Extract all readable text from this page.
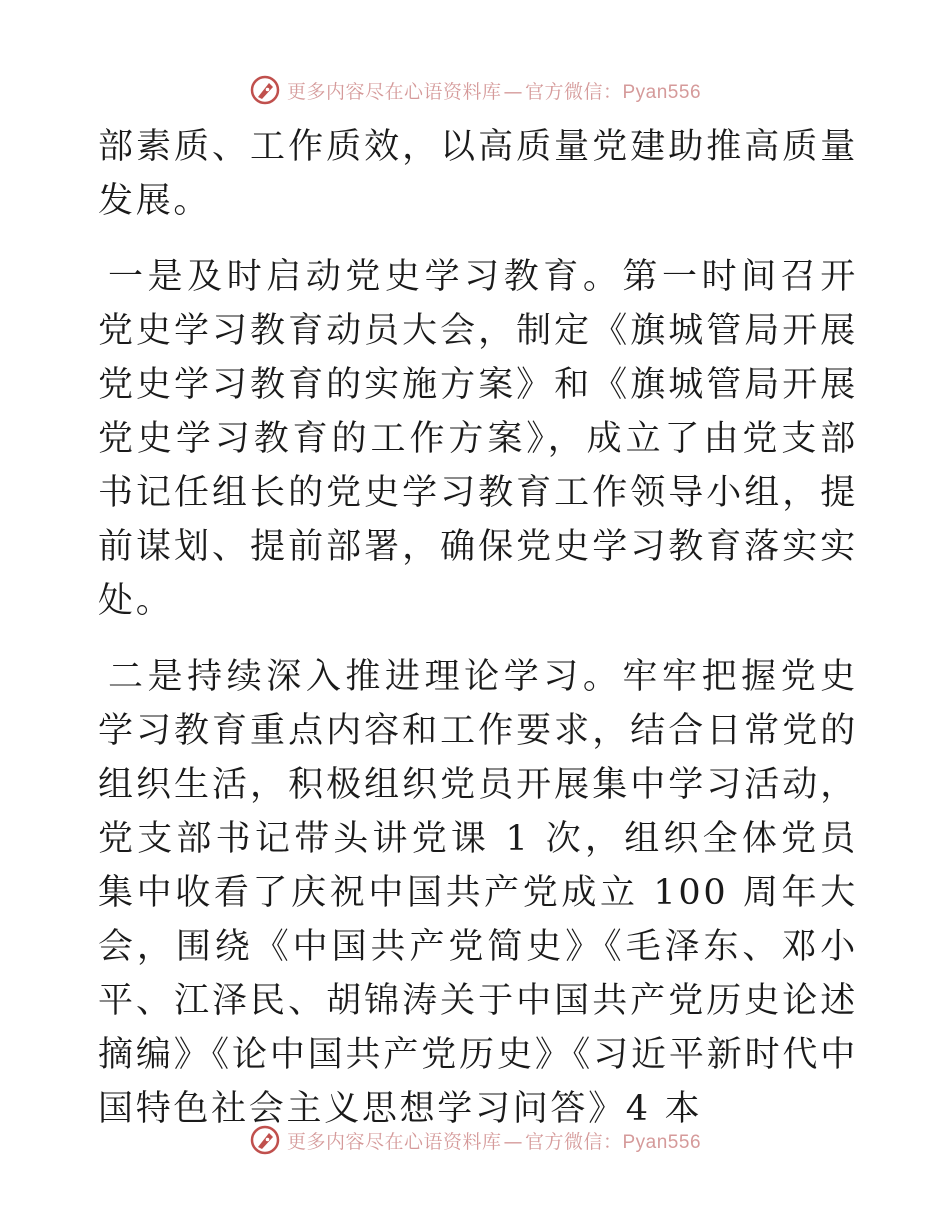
更多内容尽在心语资料库 — 官方微信：Pyan556

部素质、工作质效，以高质量党建助推高质量发展。

一是及时启动党史学习教育。第一时间召开党史学习教育动员大会，制定《旗城管局开展党史学习教育的实施方案》和《旗城管局开展党史学习教育的工作方案》，成立了由党支部书记任组长的党史学习教育工作领导小组，提前谋划、提前部署，确保党史学习教育落实实处。

二是持续深入推进理论学习。牢牢把握党史学习教育重点内容和工作要求，结合日常党的组织生活，积极组织党员开展集中学习活动，党支部书记带头讲党课 1 次，组织全体党员集中收看了庆祝中国共产党成立 100 周年大会，围绕《中国共产党简史》《毛泽东、邓小平、江泽民、胡锦涛关于中国共产党历史论述摘编》《论中国共产党历史》《习近平新时代中国特色社会主义思想学习问答》4 本

更多内容尽在心语资料库 — 官方微信：Pyan556
